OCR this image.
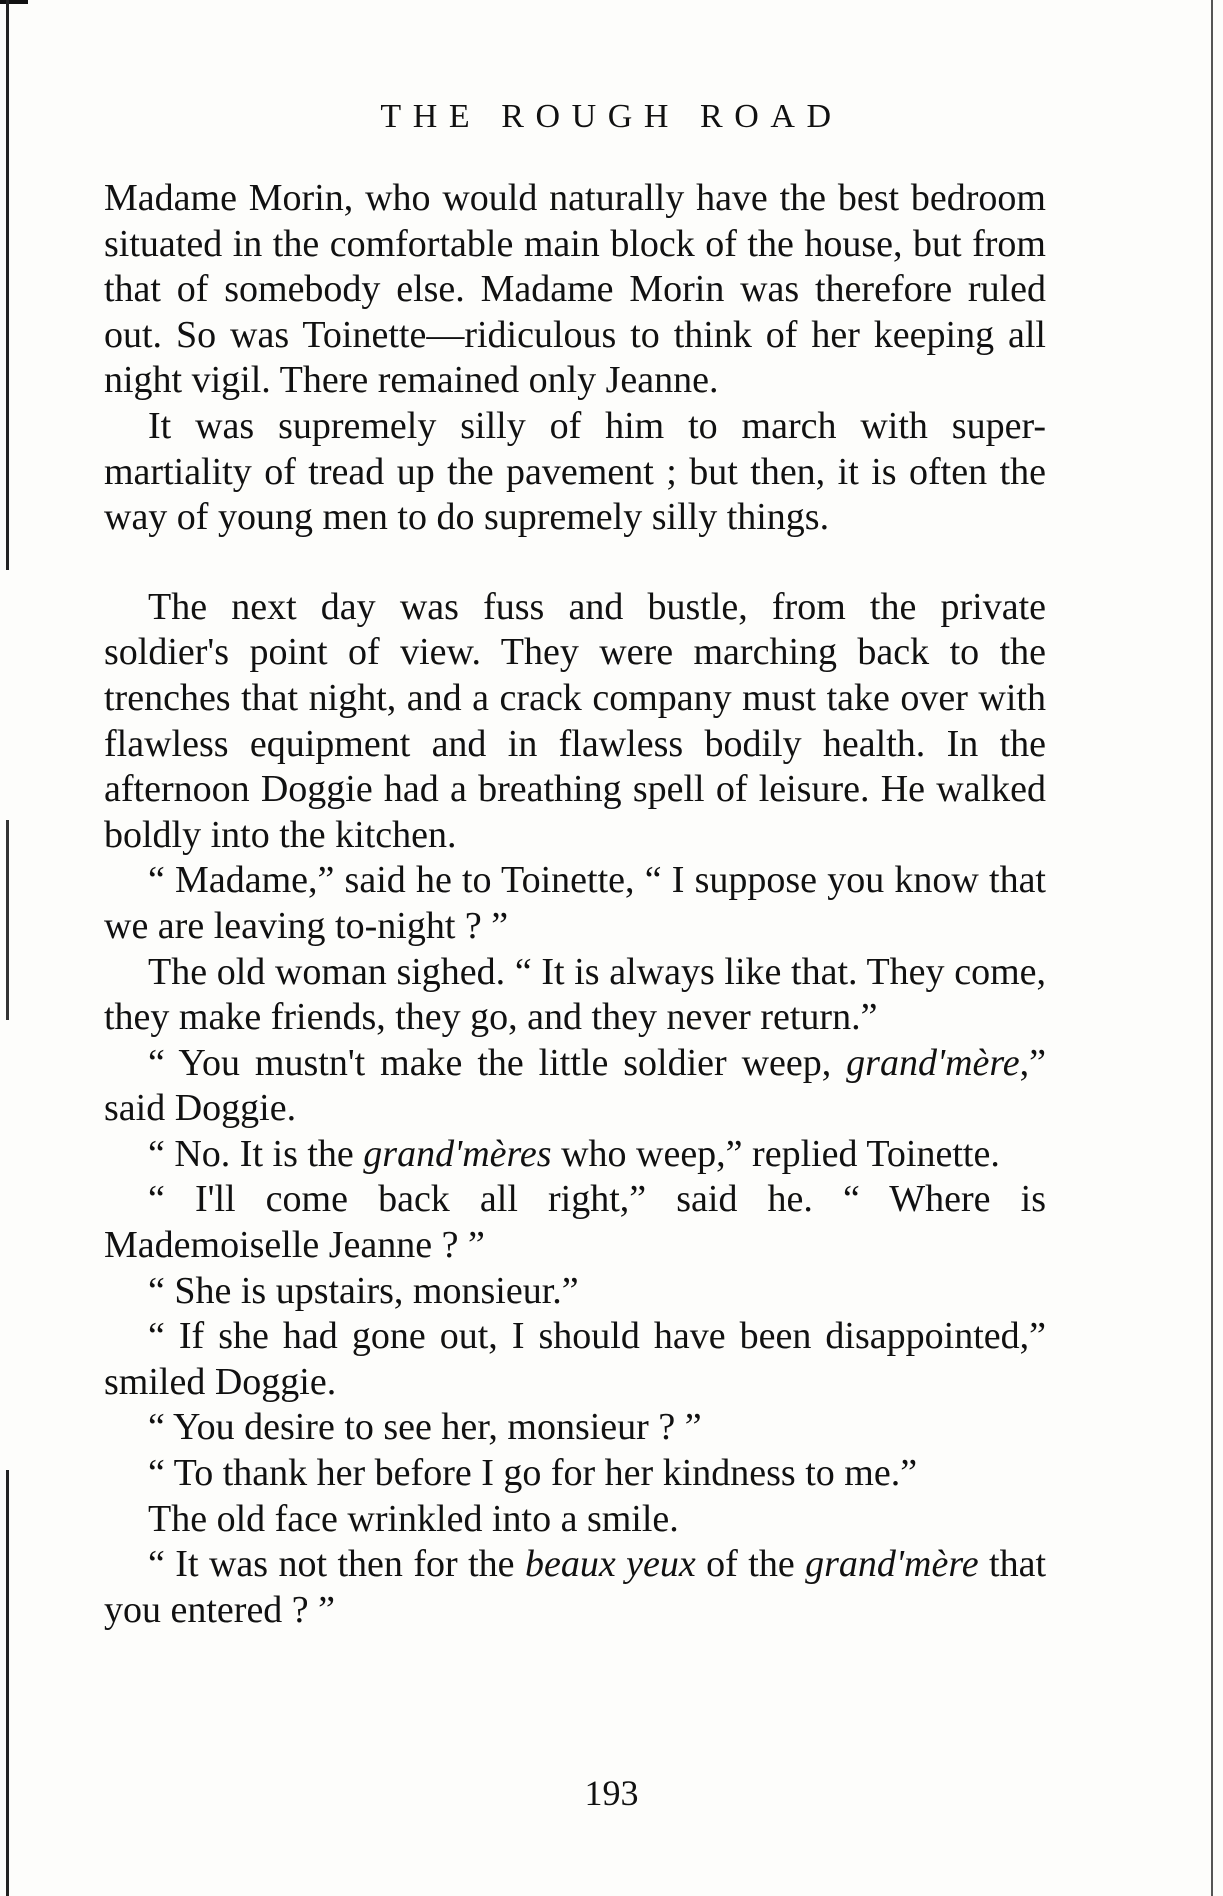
THE ROUGH ROAD

Madame Morin, who would naturally have the best bedroom situated in the comfortable main block of the house, but from that of somebody else. Madame Morin was therefore ruled out. So was Toinette—ridiculous to think of her keeping all night vigil. There remained only Jeanne.

It was supremely silly of him to march with super-martiality of tread up the pavement ; but then, it is often the way of young men to do supremely silly things.

The next day was fuss and bustle, from the private soldier's point of view. They were marching back to the trenches that night, and a crack company must take over with flawless equipment and in flawless bodily health. In the afternoon Doggie had a breathing spell of leisure. He walked boldly into the kitchen.

“ Madame,” said he to Toinette, “ I suppose you know that we are leaving to-night ? ”

The old woman sighed. “ It is always like that. They come, they make friends, they go, and they never return.”

“ You mustn't make the little soldier weep, grand'mère,” said Doggie.

“ No. It is the grand'mères who weep,” replied Toinette.

“ I'll come back all right,” said he. “ Where is Mademoiselle Jeanne ? ”

“ She is upstairs, monsieur.”

“ If she had gone out, I should have been disappointed,” smiled Doggie.

“ You desire to see her, monsieur ? ”

“ To thank her before I go for her kindness to me.”

The old face wrinkled into a smile.

“ It was not then for the beaux yeux of the grand'mère that you entered ? ”

193
